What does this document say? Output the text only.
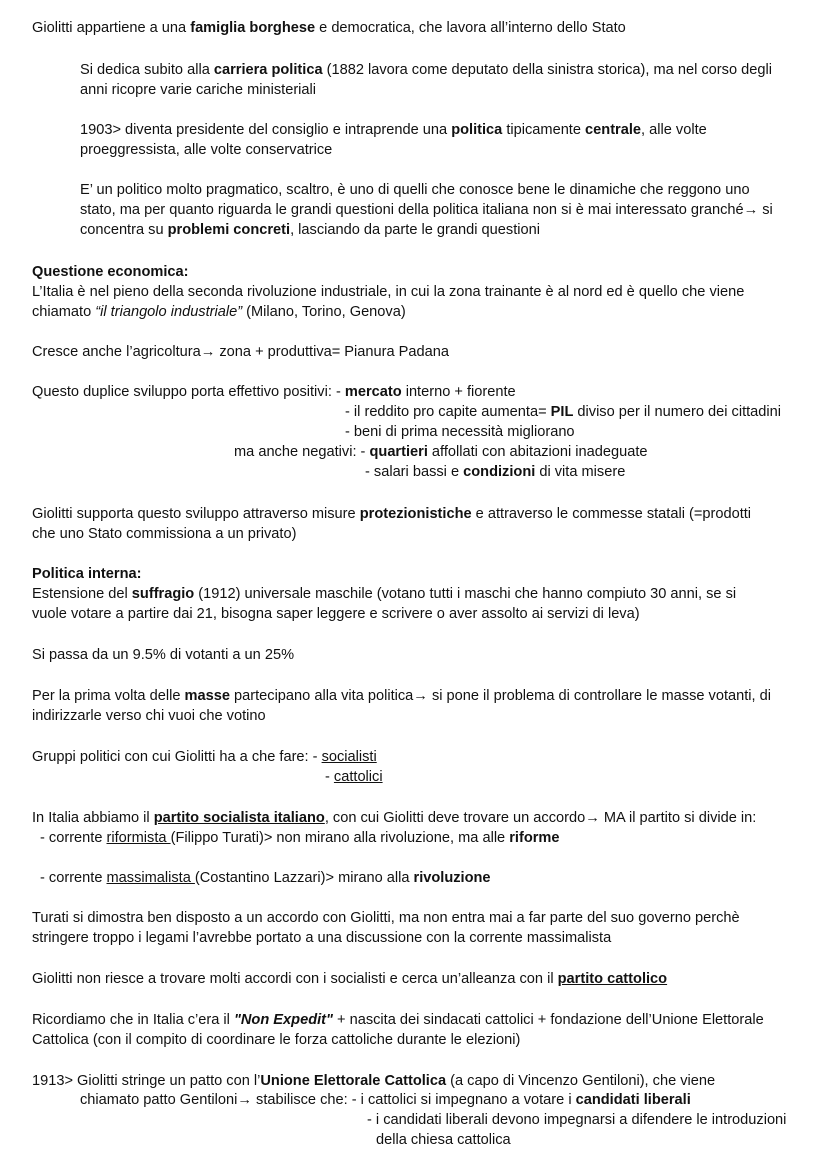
Giolitti appartiene a una famiglia borghese e democratica, che lavora all’interno dello Stato
Si dedica subito alla carriera politica (1882 lavora come deputato della sinistra storica), ma nel corso degli
anni ricopre varie cariche ministeriali
1903> diventa presidente del consiglio e intraprende una politica tipicamente centrale, alle volte
proeggressista, alle volte conservatrice
E’ un politico molto pragmatico, scaltro, è uno di quelli che conosce bene le dinamiche che reggono uno
stato, ma per quanto riguarda le grandi questioni della politica italiana non si è mai interessato granché→ si
concentra su problemi concreti, lasciando da parte le grandi questioni
Questione economica:
L’Italia è nel pieno della seconda rivoluzione industriale, in cui la zona trainante è al nord ed è quello che viene
chiamato “il triangolo industriale” (Milano, Torino, Genova)
Cresce anche l’agricoltura→ zona + produttiva= Pianura Padana
Questo duplice sviluppo porta effettivo positivi: - mercato interno + fiorente
- il reddito pro capite aumenta= PIL diviso per il numero dei cittadini
- beni di prima necessità migliorano
ma anche negativi: - quartieri affollati con abitazioni inadeguate
- salari bassi e condizioni di vita misere
Giolitti supporta questo sviluppo attraverso misure protezionistiche e attraverso le commesse statali (=prodotti
che uno Stato commissiona a un privato)
Politica interna:
Estensione del suffragio (1912) universale maschile (votano tutti i maschi che hanno compiuto 30 anni, se si
vuole votare a partire dai 21, bisogna saper leggere e scrivere o aver assolto ai servizi di leva)
Si passa da un 9.5% di votanti a un 25%
Per la prima volta delle masse partecipano alla vita politica→ si pone il problema di controllare le masse votanti, di
indirizzarle verso chi vuoi che votino
Gruppi politici con cui Giolitti ha a che fare: - socialisti
- cattolici
In Italia abbiamo il partito socialista italiano, con cui Giolitti deve trovare un accordo→ MA il partito si divide in:
- corrente riformista (Filippo Turati)> non mirano alla rivoluzione, ma alle riforme
- corrente massimalista (Costantino Lazzari)> mirano alla rivoluzione
Turati si dimostra ben disposto a un accordo con Giolitti, ma non entra mai a far parte del suo governo perchè
stringere troppo i legami l’avrebbe portato a una discussione con la corrente massimalista
Giolitti non riesce a trovare molti accordi con i socialisti e cerca un’alleanza con il partito cattolico
Ricordiamo che in Italia c’era il "Non Expedit" + nascita dei sindacati cattolici + fondazione dell’Unione Elettorale
Cattolica (con il compito di coordinare le forza cattoliche durante le elezioni)
1913> Giolitti stringe un patto con l’Unione Elettorale Cattolica (a capo di Vincenzo Gentiloni), che viene
chiamato patto Gentiloni→ stabilisce che: - i cattolici si impegnano a votare i candidati liberali
- i candidati liberali devono impegnarsi a difendere le introduzioni
della chiesa cattolica
